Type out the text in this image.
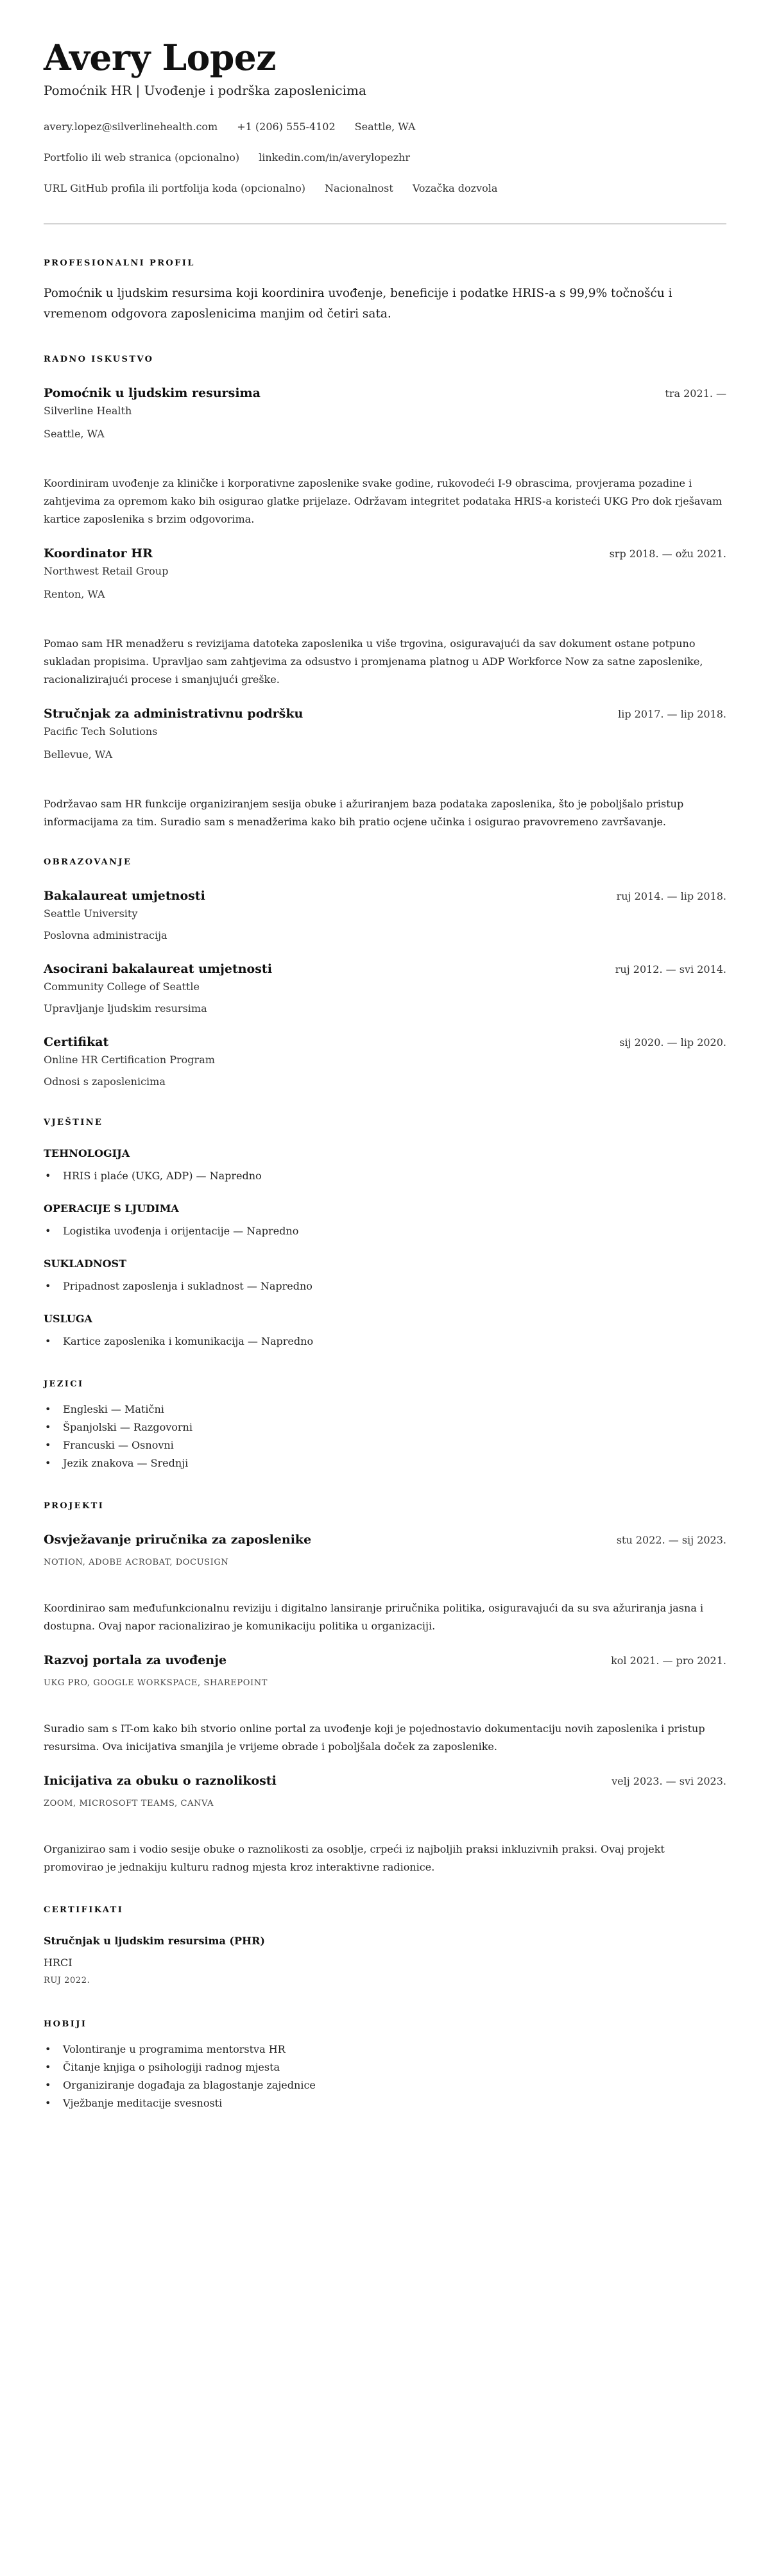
Avery Lopez
Pomoćnik HR | Uvođenje i podrška zaposlenicima
avery.lopez@silverlinehealth.com +1 (206) 555-4102 Seattle, WA
Portfolio ili web stranica (opcionalno) linkedin.com/in/averylopezhr
URL GitHub profila ili portfolija koda (opcionalno) Nacionalnost Vozačka dozvola
PROFESIONALNI PROFIL

Pomoćnik u ljudskim resursima koji koordinira uvođenje, beneficije i podatke HRIS-a s 99,9% točnošću i vremenom odgovora zaposlenicima manjim od četiri sata.

RADNO ISKUSTVO
Pomoćnik u ljudskim resursima	tra 2021. —
Silverline Health
Seattle, WA
Koordiniram uvođenje za kliničke i korporativne zaposlenike svake godine, rukovodeći I-9 obrascima, provjerama pozadine i zahtjevima za opremom kako bih osigurao glatke prijelaze. Održavam integritet podataka HRIS-a koristeći UKG Pro dok rješavam kartice zaposlenika s brzim odgovorima.
Koordinator HR	srp 2018. — ožu 2021.
Northwest Retail Group
Renton, WA
Pomao sam HR menadžeru s revizijama datoteka zaposlenika u više trgovina, osiguravajući da sav dokument ostane potpuno sukladan propisima. Upravljao sam zahtjevima za odsustvo i promjenama platnog u ADP Workforce Now za satne zaposlenike, racionalizirajući procese i smanjujući greške.
Stručnjak za administrativnu podršku	lip 2017. — lip 2018.
Pacific Tech Solutions
Bellevue, WA
Podržavao sam HR funkcije organiziranjem sesija obuke i ažuriranjem baza podataka zaposlenika, što je poboljšalo pristup informacijama za tim. Suradio sam s menadžerima kako bih pratio ocjene učinka i osigurao pravovremeno završavanje.
OBRAZOVANJE
Bakalaureat umjetnosti	ruj 2014. — lip 2018.
Seattle University
Poslovna administracija
Asocirani bakalaureat umjetnosti	ruj 2012. — svi 2014.
Community College of Seattle
Upravljanje ljudskim resursima
Certifikat	sij 2020. — lip 2020.
Online HR Certification Program
Odnosi s zaposlenicima
VJEŠTINE
TEHNOLOGIJA
• HRIS i plaće (UKG, ADP) — Napredno
OPERACIJE S LJUDIMA
• Logistika uvođenja i orijentacije — Napredno
SUKLADNOST
• Pripadnost zaposlenja i sukladnost — Napredno
USLUGA
• Kartice zaposlenika i komunikacija — Napredno
JEZICI
• Engleski — Matični
• Španjolski — Razgovorni
• Francuski — Osnovni
• Jezik znakova — Srednji
PROJEKTI
Osvježavanje priručnika za zaposlenike	stu 2022. — sij 2023.
NOTION, ADOBE ACROBAT, DOCUSIGN
Koordinirao sam međufunkcionalnu reviziju i digitalno lansiranje priručnika politika, osiguravajući da su sva ažuriranja jasna i dostupna. Ovaj napor racionalizirao je komunikaciju politika u organizaciji.
Razvoj portala za uvođenje	kol 2021. — pro 2021.
UKG PRO, GOOGLE WORKSPACE, SHAREPOINT
Suradio sam s IT-om kako bih stvorio online portal za uvođenje koji je pojednostavio dokumentaciju novih zaposlenika i pristup resursima. Ova inicijativa smanjila je vrijeme obrade i poboljšala doček za zaposlenike.
Inicijativa za obuku o raznolikosti	velj 2023. — svi 2023.
ZOOM, MICROSOFT TEAMS, CANVA
Organizirao sam i vodio sesije obuke o raznolikosti za osoblje, crpeći iz najboljih praksi inkluzivnih praksi. Ovaj projekt promovirao je jednakiju kulturu radnog mjesta kroz interaktivne radionice.
CERTIFIKATI
Stručnjak u ljudskim resursima (PHR)
HRCI
RUJ 2022.
HOBIJI
• Volontiranje u programima mentorstva HR
• Čitanje knjiga o psihologiji radnog mjesta
• Organiziranje događaja za blagostanje zajednice
• Vježbanje meditacije svesnosti
